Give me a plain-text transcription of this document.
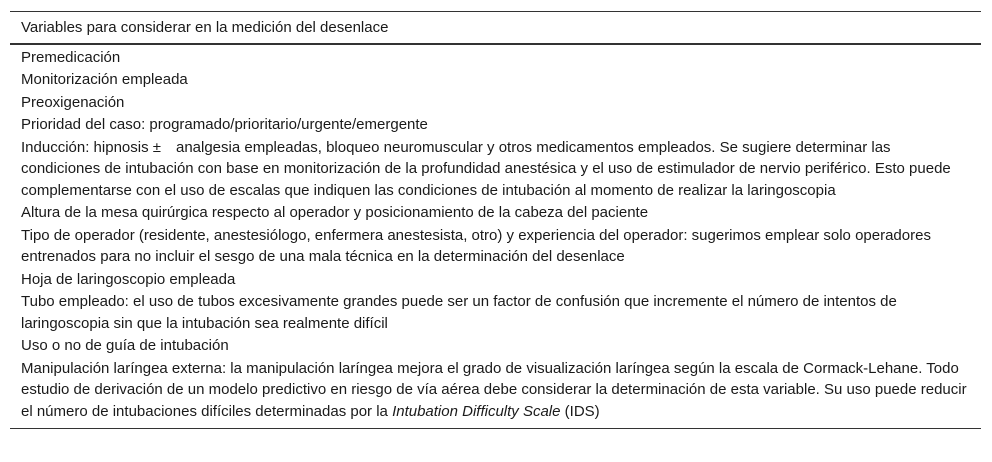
Variables para considerar en la medición del desenlace
Premedicación
Monitorización empleada
Preoxigenación
Prioridad del caso: programado/prioritario/urgente/emergente
Inducción: hipnosis ± analgesia empleadas, bloqueo neuromuscular y otros medicamentos empleados. Se sugiere determinar las condiciones de intubación con base en monitorización de la profundidad anestésica y el uso de estimulador de nervio periférico. Esto puede complementarse con el uso de escalas que indiquen las condiciones de intubación al momento de realizar la laringoscopia
Altura de la mesa quirúrgica respecto al operador y posicionamiento de la cabeza del paciente
Tipo de operador (residente, anestesiólogo, enfermera anestesista, otro) y experiencia del operador: sugerimos emplear solo operadores entrenados para no incluir el sesgo de una mala técnica en la determinación del desenlace
Hoja de laringoscopio empleada
Tubo empleado: el uso de tubos excesivamente grandes puede ser un factor de confusión que incremente el número de intentos de laringoscopia sin que la intubación sea realmente difícil
Uso o no de guía de intubación
Manipulación laríngea externa: la manipulación laríngea mejora el grado de visualización laríngea según la escala de Cormack-Lehane. Todo estudio de derivación de un modelo predictivo en riesgo de vía aérea debe considerar la determinación de esta variable. Su uso puede reducir el número de intubaciones difíciles determinadas por la Intubation Difficulty Scale (IDS)
